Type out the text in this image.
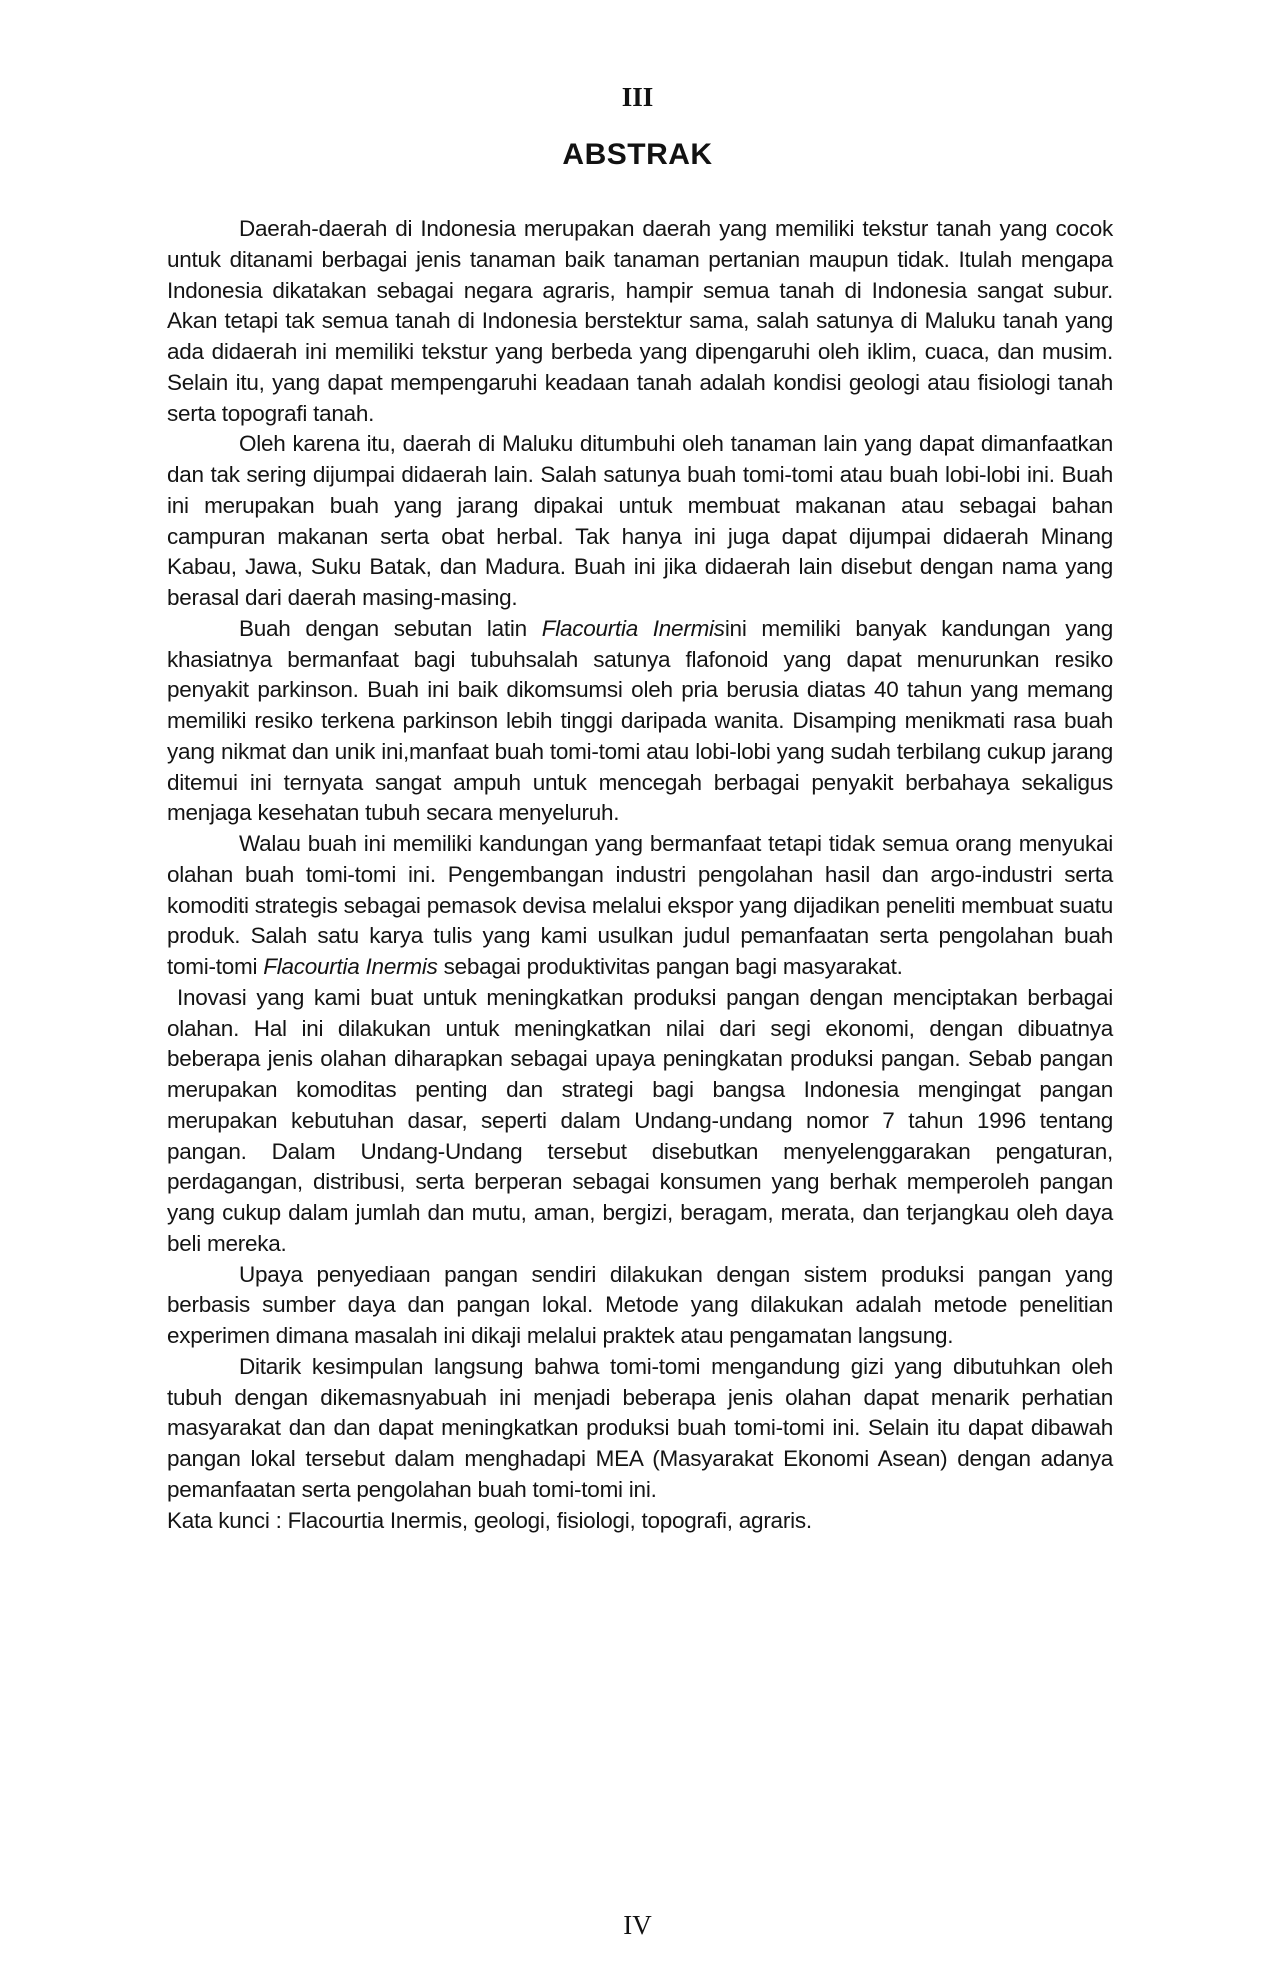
III
ABSTRAK

Daerah-daerah di Indonesia merupakan daerah yang memiliki tekstur tanah yang cocok untuk ditanami berbagai jenis tanaman baik tanaman pertanian maupun tidak. Itulah mengapa Indonesia dikatakan sebagai negara agraris, hampir semua tanah di Indonesia sangat subur. Akan tetapi tak semua tanah di Indonesia berstektur sama, salah satunya di Maluku tanah yang ada didaerah ini memiliki tekstur yang berbeda yang dipengaruhi oleh iklim, cuaca, dan musim. Selain itu, yang dapat mempengaruhi keadaan tanah adalah kondisi geologi atau fisiologi tanah serta topografi tanah.

Oleh karena itu, daerah di Maluku ditumbuhi oleh tanaman lain yang dapat dimanfaatkan dan tak sering dijumpai didaerah lain. Salah satunya buah tomi-tomi atau buah lobi-lobi ini. Buah ini merupakan buah yang jarang dipakai untuk membuat makanan atau sebagai bahan campuran makanan serta obat herbal. Tak hanya ini juga dapat dijumpai didaerah Minang Kabau, Jawa, Suku Batak, dan Madura. Buah ini jika didaerah lain disebut dengan nama yang berasal dari daerah masing-masing.

Buah dengan sebutan latin Flacourtia Inermisini memiliki banyak kandungan yang khasiatnya bermanfaat bagi tubuhsalah satunya flafonoid yang dapat menurunkan resiko penyakit parkinson. Buah ini baik dikomsumsi oleh pria berusia diatas 40 tahun yang memang memiliki resiko terkena parkinson lebih tinggi daripada wanita. Disamping menikmati rasa buah yang nikmat dan unik ini,manfaat buah tomi-tomi atau lobi-lobi yang sudah terbilang cukup jarang ditemui ini ternyata sangat ampuh untuk mencegah berbagai penyakit berbahaya sekaligus menjaga kesehatan tubuh secara menyeluruh.

Walau buah ini memiliki kandungan yang bermanfaat tetapi tidak semua orang menyukai olahan buah tomi-tomi ini. Pengembangan industri pengolahan hasil dan argo-industri serta komoditi strategis sebagai pemasok devisa melalui ekspor yang dijadikan peneliti membuat suatu produk. Salah satu karya tulis yang kami usulkan judul pemanfaatan serta pengolahan buah tomi-tomi Flacourtia Inermis sebagai produktivitas pangan bagi masyarakat.

Inovasi yang kami buat untuk meningkatkan produksi pangan dengan menciptakan berbagai olahan. Hal ini dilakukan untuk meningkatkan nilai dari segi ekonomi, dengan dibuatnya beberapa jenis olahan diharapkan sebagai upaya peningkatan produksi pangan. Sebab pangan merupakan komoditas penting dan strategi bagi bangsa Indonesia mengingat pangan merupakan kebutuhan dasar, seperti dalam Undang-undang nomor 7 tahun 1996 tentang pangan. Dalam Undang-Undang tersebut disebutkan menyelenggarakan pengaturan, perdagangan, distribusi, serta berperan sebagai konsumen yang berhak memperoleh pangan yang cukup dalam jumlah dan mutu, aman, bergizi, beragam, merata, dan terjangkau oleh daya beli mereka.

Upaya penyediaan pangan sendiri dilakukan dengan sistem produksi pangan yang berbasis sumber daya dan pangan lokal. Metode yang dilakukan adalah metode penelitian experimen dimana masalah ini dikaji melalui praktek atau pengamatan langsung.

Ditarik kesimpulan langsung bahwa tomi-tomi mengandung gizi yang dibutuhkan oleh tubuh dengan dikemasnyabuah ini menjadi beberapa jenis olahan dapat menarik perhatian masyarakat dan dan dapat meningkatkan produksi buah tomi-tomi ini. Selain itu dapat dibawah pangan lokal tersebut dalam menghadapi MEA (Masyarakat Ekonomi Asean) dengan adanya pemanfaatan serta pengolahan buah tomi-tomi ini.

Kata kunci : Flacourtia Inermis, geologi, fisiologi, topografi, agraris.

IV
